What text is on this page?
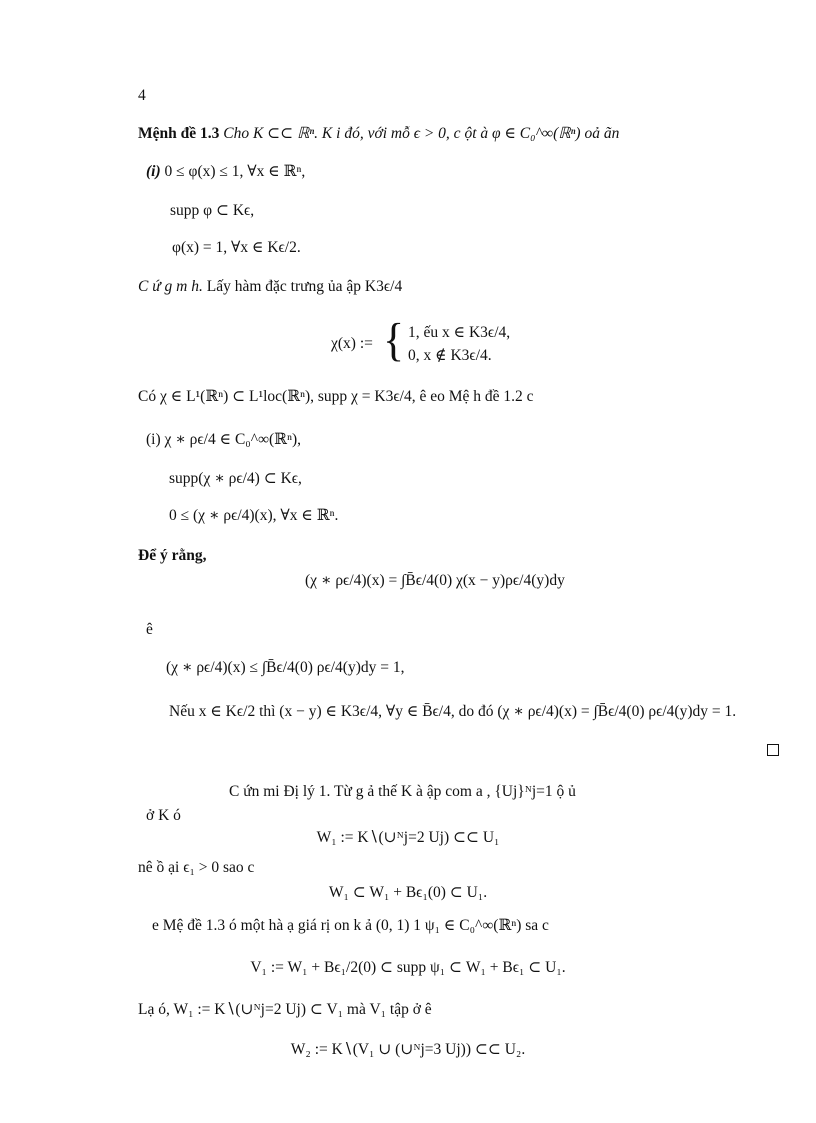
4
Mệnh đề 1.3 Cho K ⊂⊂ ℝⁿ. K i đó, với mỗ ϵ > 0, c ột à φ ∈ C₀^∞(ℝⁿ) oả ãn
(i) 0 ≤ φ(x) ≤ 1, ∀x ∈ ℝⁿ,
supp φ ⊂ Kϵ,
φ(x) = 1, ∀x ∈ Kϵ/2.
C ứ g m h. Lấy hàm đặc trưng ủa ập K3ϵ/4
χ(x) := { 1, ếu x ∈ K3ϵ/4,
0, x ∉ K3ϵ/4.
Có χ ∈ L¹(ℝⁿ) ⊂ L¹loc(ℝⁿ), supp χ = K3ϵ/4, ê eo Mệ h đề 1.2 c
(i) χ ∗ ρϵ/4 ∈ C₀^∞(ℝⁿ),
supp(χ ∗ ρϵ/4) ⊂ Kϵ,
0 ≤ (χ ∗ ρϵ/4)(x), ∀x ∈ ℝⁿ.
Để ý rằng,
(χ ∗ ρϵ/4)(x) = ∫B̄ϵ/4(0) χ(x − y)ρϵ/4(y)dy
ê
(χ ∗ ρϵ/4)(x) ≤ ∫B̄ϵ/4(0) ρϵ/4(y)dy = 1,
Nếu x ∈ Kϵ/2 thì (x − y) ∈ K3ϵ/4, ∀y ∈ B̄ϵ/4, do đó (χ ∗ ρϵ/4)(x) = ∫B̄ϵ/4(0) ρϵ/4(y)dy = 1.
C ứn mi Đị lý 1. Từ g ả thế K à ập com a , {Uj}ᴺj=1 ộ ủ
ở K ó
W₁ := K∖(∪ᴺj=2 Uj) ⊂⊂ U₁
nê ồ ại ϵ₁ > 0 sao c
W₁ ⊂ W₁ + Bϵ₁(0) ⊂ U₁.
e Mệ đề 1.3 ó một hà ạ giá rị on k ả (0, 1) 1 ψ₁ ∈ C₀^∞(ℝⁿ) sa c
V₁ := W₁ + Bϵ₁/2(0) ⊂ supp ψ₁ ⊂ W₁ + Bϵ₁ ⊂ U₁.
Lạ ó, W₁ := K∖(∪ᴺj=2 Uj) ⊂ V₁ mà V₁ tập ở ê
W₂ := K∖(V₁ ∪ (∪ᴺj=3 Uj)) ⊂⊂ U₂.
